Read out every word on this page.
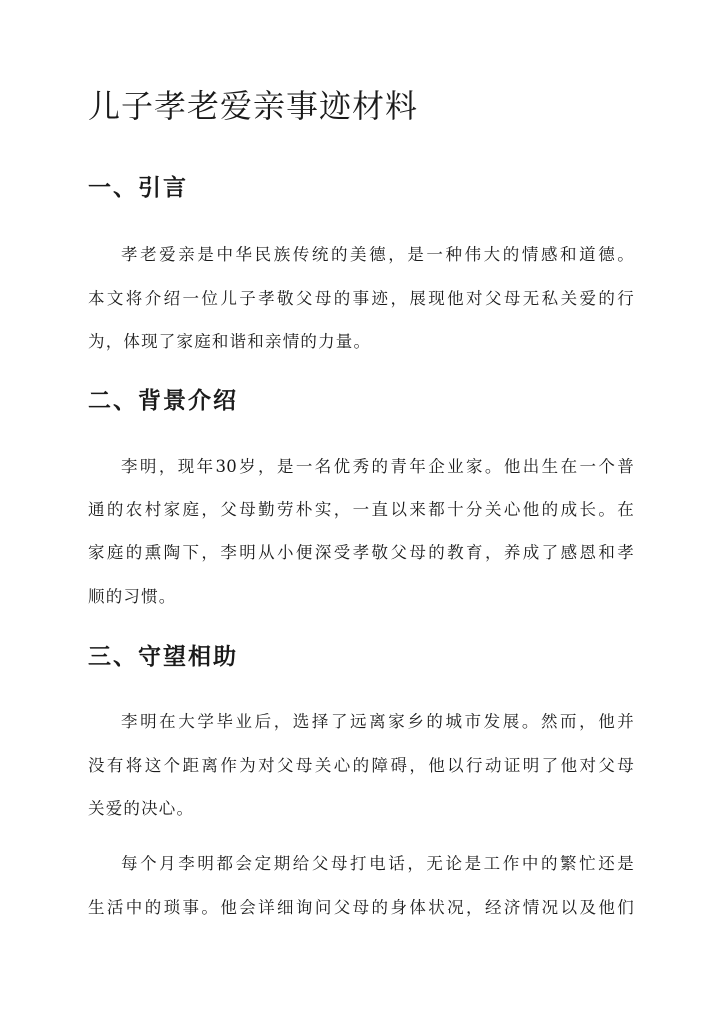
儿子孝老爱亲事迹材料
一、引言

孝老爱亲是中华民族传统的美德，是一种伟大的情感和道德。

本文将介绍一位儿子孝敬父母的事迹，展现他对父母无私关爱的行

为，体现了家庭和谐和亲情的力量。

二、背景介绍

李明，现年30岁，是一名优秀的青年企业家。他出生在一个普

通的农村家庭，父母勤劳朴实，一直以来都十分关心他的成长。在

家庭的熏陶下，李明从小便深受孝敬父母的教育，养成了感恩和孝

顺的习惯。

三、守望相助

李明在大学毕业后，选择了远离家乡的城市发展。然而，他并

没有将这个距离作为对父母关心的障碍，他以行动证明了他对父母

关爱的决心。

每个月李明都会定期给父母打电话，无论是工作中的繁忙还是

生活中的琐事。他会详细询问父母的身体状况，经济情况以及他们
